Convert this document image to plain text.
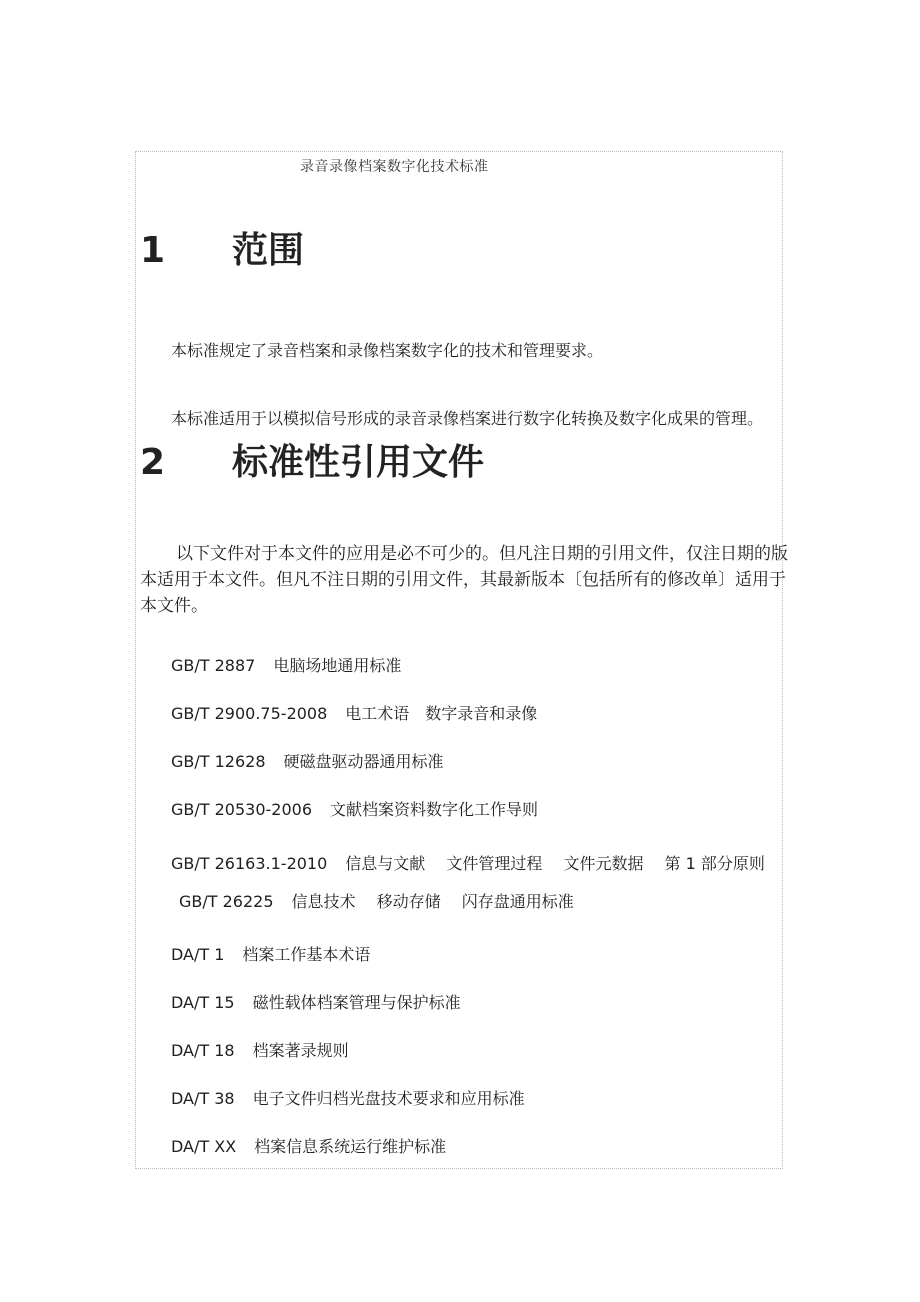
录音录像档案数字化技术标准
1 范围
本标准规定了录音档案和录像档案数字化的技术和管理要求。
本标准适用于以模拟信号形成的录音录像档案进行数字化转换及数字化成果的管理。
2 标准性引用文件
以下文件对于本文件的应用是必不可少的。但凡注日期的引用文件，仅注日期的版本适用于本文件。但凡不注日期的引用文件，其最新版本〔包括所有的修改单〕适用于本文件。
GB/T 2887 电脑场地通用标准
GB/T 2900.75-2008 电工术语　数字录音和录像
GB/T 12628 硬磁盘驱动器通用标准
GB/T 20530-2006 文献档案资料数字化工作导则
GB/T 26163.1-2010 信息与文献　 文件管理过程　 文件元数据　 第 1 部分原则 GB/T 26225 信息技术　 移动存储　 闪存盘通用标准
DA/T 1 档案工作基本术语
DA/T 15 磁性载体档案管理与保护标准
DA/T 18 档案著录规则
DA/T 38 电子文件归档光盘技术要求和应用标准
DA/T XX 档案信息系统运行维护标准
